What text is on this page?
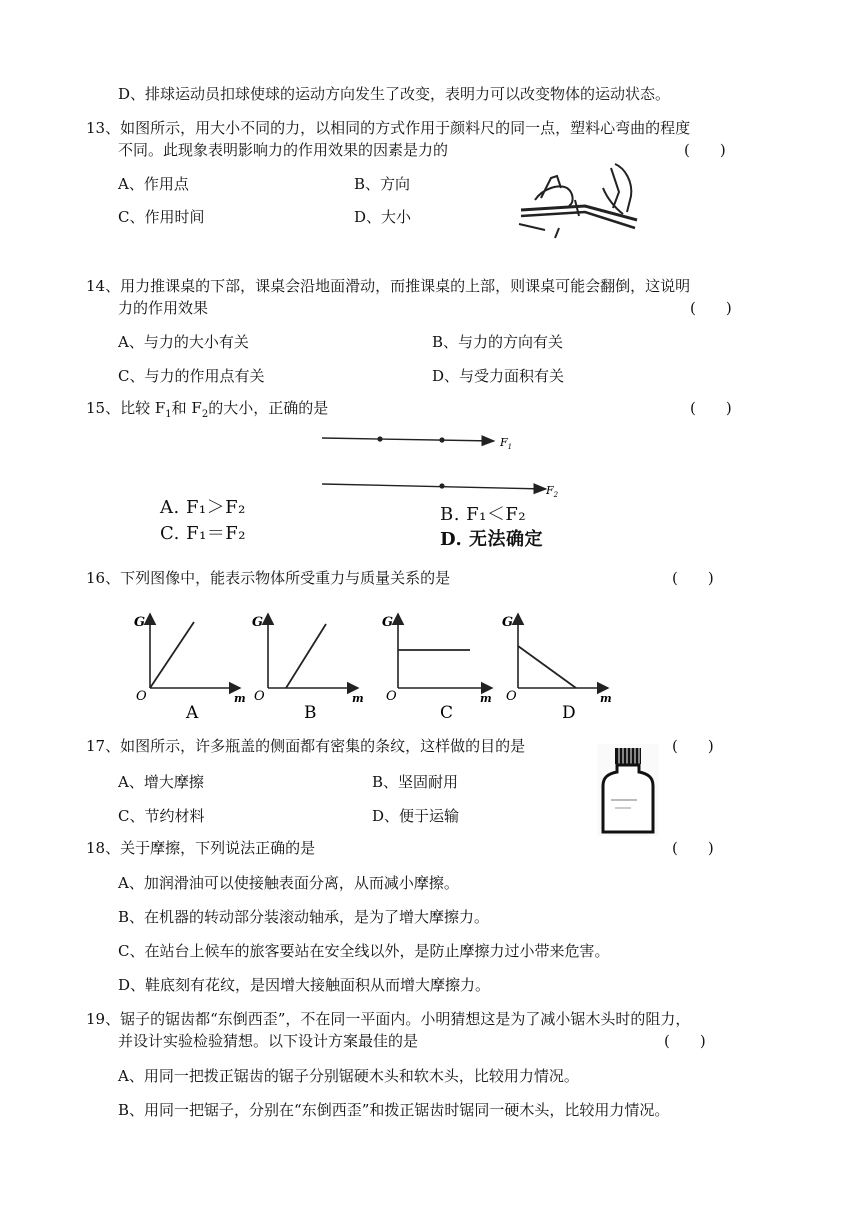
D、排球运动员扣球使球的运动方向发生了改变，表明力可以改变物体的运动状态。
13、如图所示，用大小不同的力，以相同的方式作用于颜料尺的同一点，塑料心弯曲的程度
不同。此现象表明影响力的作用效果的因素是力的	(　　)
A、作用点	B、方向
C、作用时间	D、大小
14、用力推课桌的下部，课桌会沿地面滑动，而推课桌的上部，则课桌可能会翻倒，这说明
力的作用效果	(　　)
A、与力的大小有关	B、与力的方向有关
C、与力的作用点有关	D、与受力面积有关
15、比较 $F_1$和 $F_2$的大小，正确的是	(　　)
$F_1$
$F_2$
A. F₁＞F₂
C. F₁＝F₂
B. F₁＜F₂
D. 无法确定
16、下列图像中，能表示物体所受重力与质量关系的是	(　　)
G
O	m
A
G
O	m
B
G
O	m
C
G
O	m
D
17、如图所示，许多瓶盖的侧面都有密集的条纹，这样做的目的是	(　　)
A、增大摩擦	B、坚固耐用
C、节约材料	D、便于运输
18、关于摩擦，下列说法正确的是	(　　)
A、加润滑油可以使接触表面分离，从而减小摩擦。
B、在机器的转动部分装滚动轴承，是为了增大摩擦力。
C、在站台上候车的旅客要站在安全线以外，是防止摩擦力过小带来危害。
D、鞋底刻有花纹，是因增大接触面积从而增大摩擦力。
19、锯子的锯齿都“东倒西歪”，不在同一平面内。小明猜想这是为了减小锯木头时的阻力，
并设计实验检验猜想。以下设计方案最佳的是	(　　)
A、用同一把拨正锯齿的锯子分别锯硬木头和软木头，比较用力情况。
B、用同一把锯子，分别在“东倒西歪”和拨正锯齿时锯同一硬木头，比较用力情况。
